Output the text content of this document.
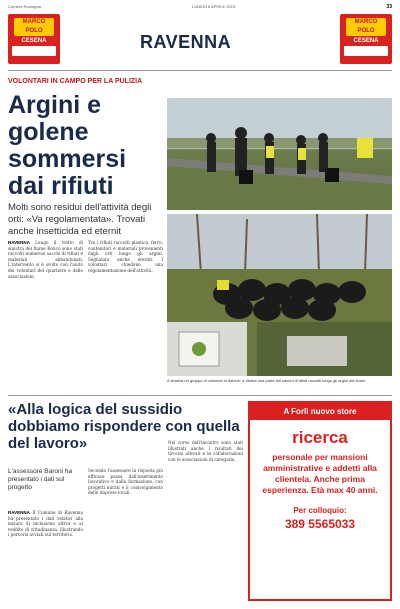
Corriere Romagna	LUNEDÌ 8 APRILE 2019	33
MARCO POLO
CESENA	RAVENNA
MARCO POLO
CESENA
VOLONTARI IN CAMPO PER LA PULIZIA
Argini e golene sommersi dai rifiuti
Molti sono residui dell'attività degli orti: «Va regolamentata». Trovati anche insetticida ed eternit
RAVENNA Lungo il tratto di sinistra del fiume Ronco sono stati raccolti numerosi sacchi di rifiuti e materiali abbandonati. L'intervento si è svolto con l'aiuto dei volontari del quartiere e delle associazioni.
Tra i rifiuti raccolti plastica, ferro, contenitori e materiali provenienti dagli orti lungo gli argini. Segnalato anche eternit. I volontari chiedono una regolamentazione dell'attività.
A sinistra un gruppo di volontari in azione; a destra una parte dei sacchi di rifiuti raccolti lungo gli argini del fiume
«Alla logica del sussidio dobbiamo rispondere con quella del lavoro»
L'assessore Baroni ha presentato i dati sul progetto
RAVENNA Il Comune di Ravenna ha presentato i dati relativi alla misura di inclusione attiva e al reddito di cittadinanza, illustrando i percorsi avviati sul territorio.
Secondo l'assessore la risposta più efficace passa dall'inserimento lavorativo e dalla formazione, con progetti mirati e il coinvolgimento delle imprese locali.
Nel corso dell'incontro sono stati illustrati anche i risultati dei tirocini attivati e le collaborazioni con le associazioni di categoria.
A Forlì nuovo store
ricerca
personale per mansioni amministrative e addetti alla clientela. Anche prima esperienza. Età max 40 anni.
Per colloquio:
389 5565033
